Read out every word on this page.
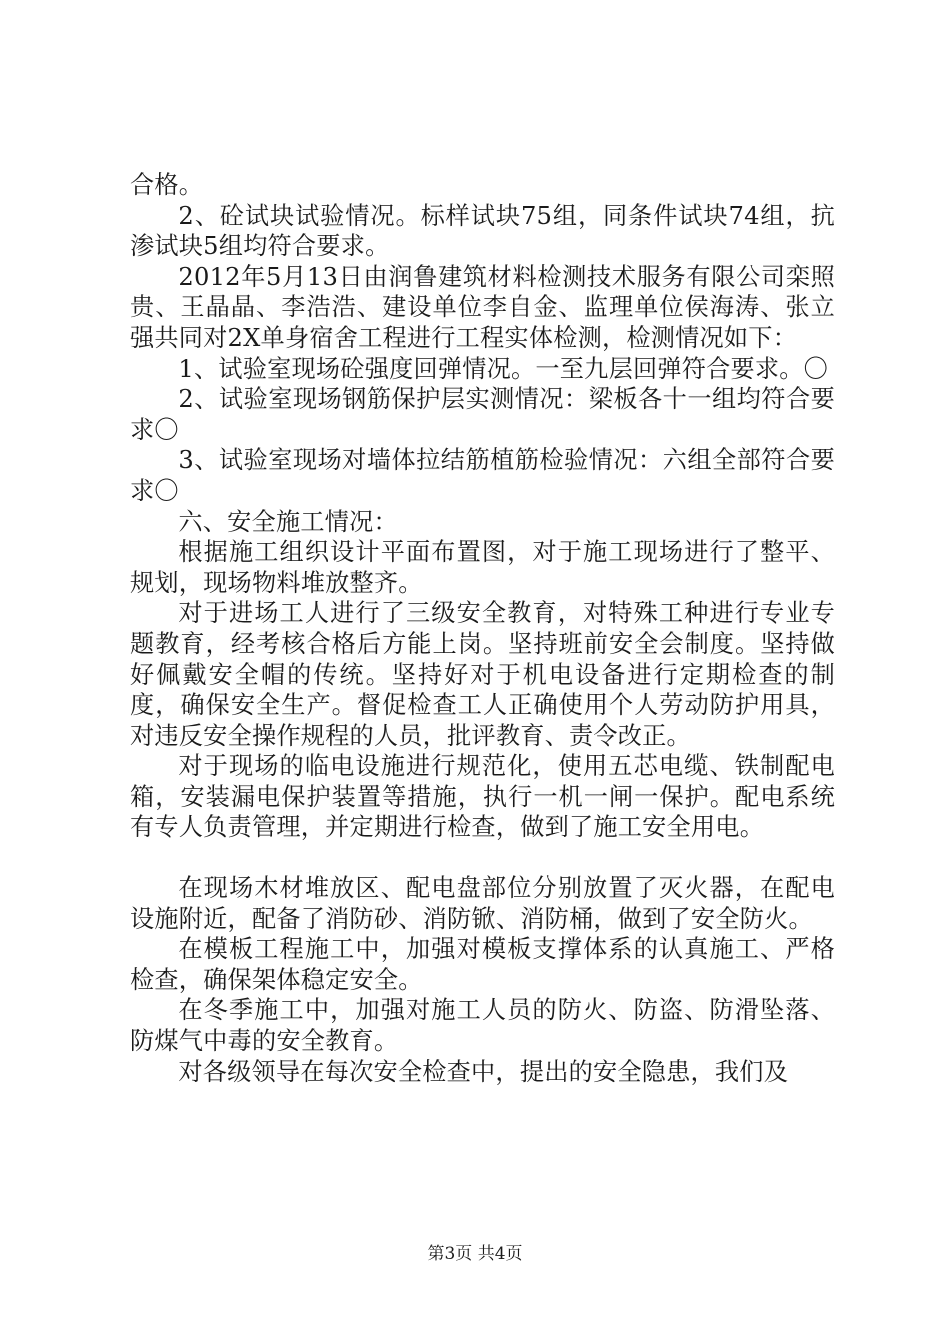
合格。

2、砼试块试验情况。标样试块75组，同条件试块74组，抗渗试块5组均符合要求。

2012年5月13日由润鲁建筑材料检测技术服务有限公司栾照贵、王晶晶、李浩浩、建设单位李自金、监理单位侯海涛、张立强共同对2X单身宿舍工程进行工程实体检测，检测情况如下：

1、试验室现场砼强度回弹情况。一至九层回弹符合要求。〇

2、试验室现场钢筋保护层实测情况：梁板各十一组均符合要求〇

3、试验室现场对墙体拉结筋植筋检验情况：六组全部符合要求〇

六、安全施工情况：

根据施工组织设计平面布置图，对于施工现场进行了整平、规划，现场物料堆放整齐。

对于进场工人进行了三级安全教育，对特殊工种进行专业专题教育，经考核合格后方能上岗。坚持班前安全会制度。坚持做好佩戴安全帽的传统。坚持好对于机电设备进行定期检查的制度，确保安全生产。督促检查工人正确使用个人劳动防护用具，对违反安全操作规程的人员，批评教育、责令改正。

对于现场的临电设施进行规范化，使用五芯电缆、铁制配电箱，安装漏电保护装置等措施，执行一机一闸一保护。配电系统有专人负责管理，并定期进行检查，做到了施工安全用电。

在现场木材堆放区、配电盘部位分别放置了灭火器，在配电设施附近，配备了消防砂、消防锨、消防桶，做到了安全防火。

在模板工程施工中，加强对模板支撑体系的认真施工、严格检查，确保架体稳定安全。

在冬季施工中，加强对施工人员的防火、防盗、防滑坠落、防煤气中毒的安全教育。

对各级领导在每次安全检查中，提出的安全隐患，我们及

第3页 共4页
